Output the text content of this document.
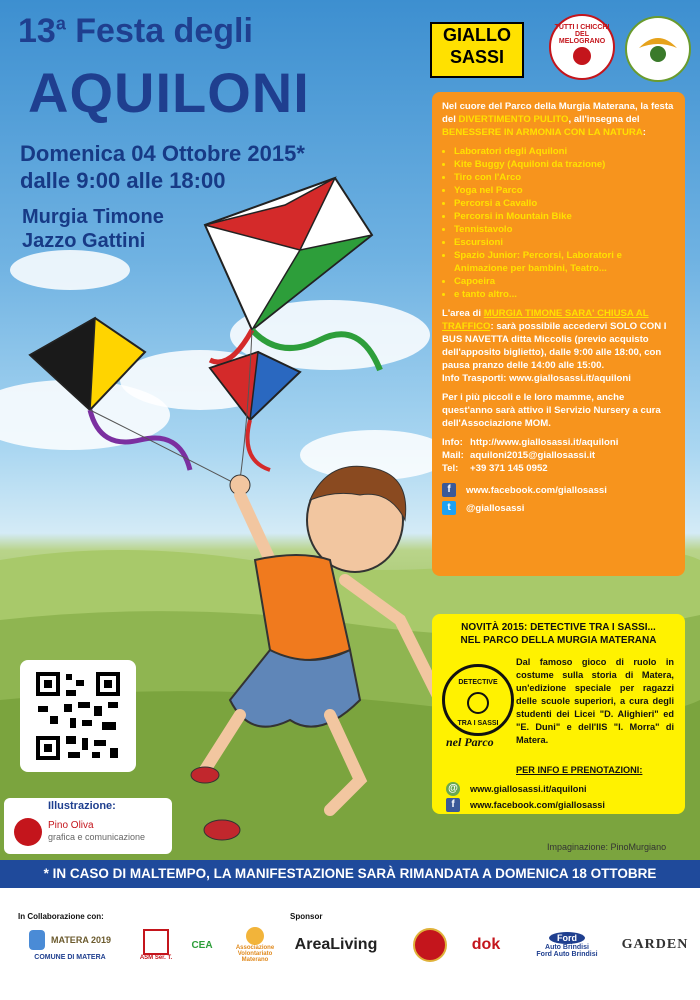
13$^a$ Festa degli
AQUILONI
Domenica 04 Ottobre 2015*
dalle 9:00 alle 18:00
Murgia Timone
Jazzo Gattini
GIALLO
SASSI
TUTTI I CHICCHI DEL MELOGRANO

Nel cuore del Parco della Murgia Materana, la festa del DIVERTIMENTO PULITO, all'insegna del BENESSERE IN ARMONIA CON LA NATURA:

• Laboratori degli Aquiloni
• Kite Buggy (Aquiloni da trazione)
• Tiro con l'Arco
• Yoga nel Parco
• Percorsi a Cavallo
• Percorsi in Mountain Bike
• Tennistavolo
• Escursioni
• Spazio Junior: Percorsi, Laboratori e Animazione per bambini, Teatro...
• Capoeira
• e tanto altro...

L'area di MURGIA TIMONE SARA' CHIUSA AL TRAFFICO: sarà possibile accedervi SOLO CON I BUS NAVETTA ditta Miccolis (previo acquisto dell'apposito biglietto), dalle 9:00 alle 18:00, con pausa pranzo delle 14:00 alle 15:00.
Info Trasporti: www.giallosassi.it/aquiloni

Per i più piccoli e le loro mamme, anche quest'anno sarà attivo il Servizio Nursery a cura dell'Associazione MOM.

Info: http://www.giallosassi.it/aquiloni
Mail: aquiloni2015@giallosassi.it
Tel: +39 371 145 0952
f	www.facebook.com/giallosassi
t	@giallosassi
NOVITÀ 2015: DETECTIVE TRA I SASSI...
NEL PARCO DELLA MURGIA MATERANA
DETECTIVE
TRA I SASSI
nel Parco
Dal famoso gioco di ruolo in costume sulla storia di Matera, un'edizione speciale per ragazzi delle scuole superiori, a cura degli studenti dei Licei "D. Alighieri" ed "E. Duni" e dell'IIS "I. Morra" di Matera.
PER INFO E PRENOTAZIONI:
@ www.giallosassi.it/aquiloni
f	www.facebook.com/giallosassi
Illustrazione:
Pino Oliva
grafica e comunicazione
Impaginazione: PinoMurgiano
* IN CASO DI MALTEMPO, LA MANIFESTAZIONE SARÀ RIMANDATA A DOMENICA 18 OTTOBRE
In Collaborazione con:	Sponsor
MATERA 2019
COMUNE DI MATERA	ASM Ser. T.
CEA	Associazione Volontariato Materano
AreaLiving	dok	Ford
Auto Brindisi
Ford Auto Brindisi
GARDEN
